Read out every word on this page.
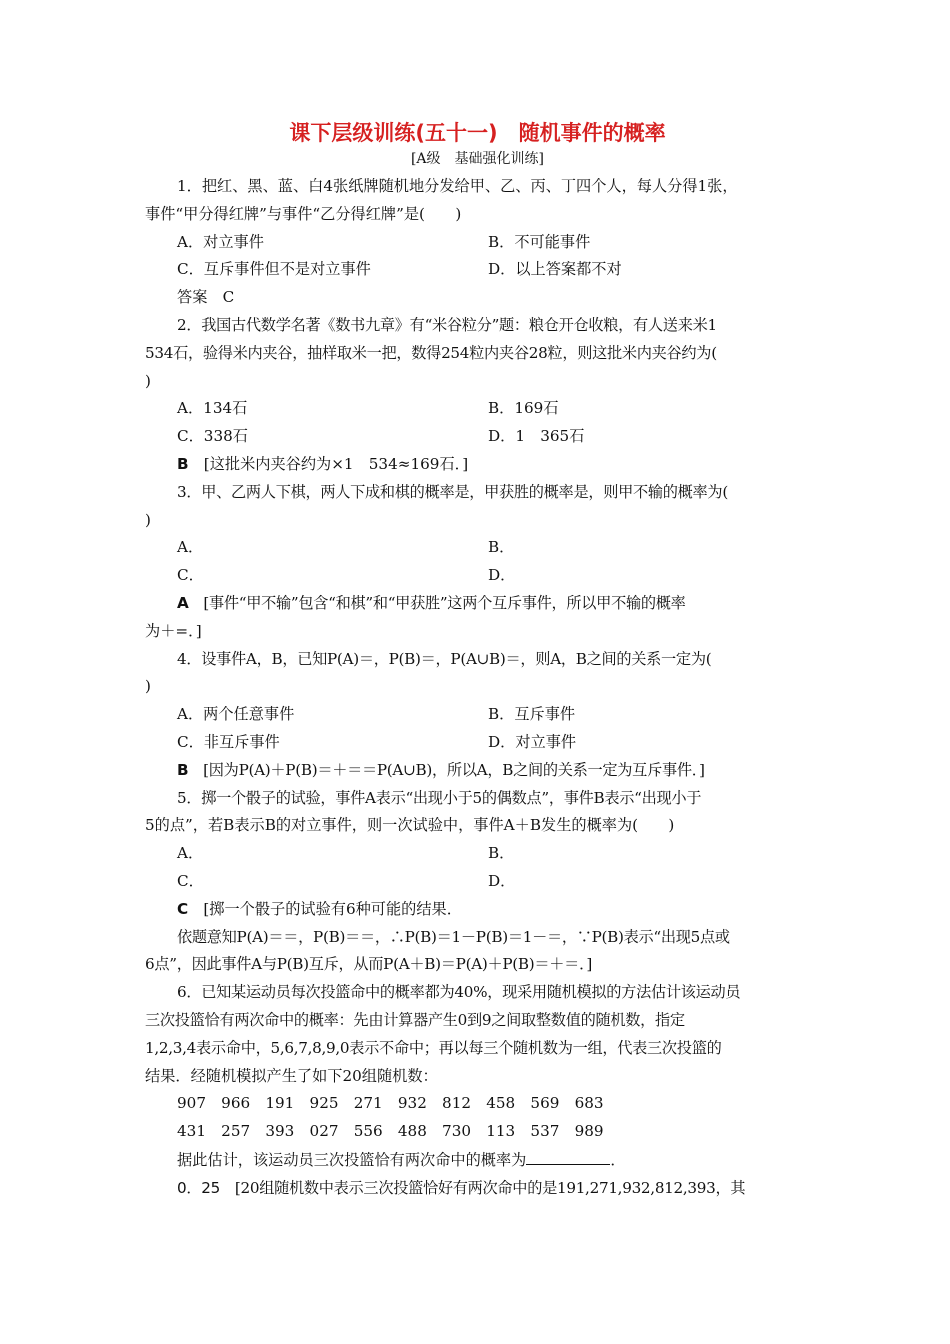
课下层级训练(五十一)　随机事件的概率
[A级　基础强化训练]

1．把红、黑、蓝、白4张纸牌随机地分发给甲、乙、丙、丁四个人，每人分得1张，

事件“甲分得红牌”与事件“乙分得红牌”是(　　)

A．对立事件	B．不可能事件
C．互斥事件但不是对立事件	D．以上答案都不对
答案　C

2．我国古代数学名著《数书九章》有“米谷粒分”题：粮仓开仓收粮，有人送来米1

534石，验得米内夹谷，抽样取米一把，数得254粒内夹谷28粒，则这批米内夹谷约为(

)

A．134石	B．169石
C．338石	D．1　365石
B　[这批米内夹谷约为×1　534≈169石．]

3．甲、乙两人下棋，两人下成和棋的概率是，甲获胜的概率是，则甲不输的概率为(

)

A．	B．
C．	D．
A　[事件“甲不输”包含“和棋”和“甲获胜”这两个互斥事件，所以甲不输的概率

为＋=．]

4．设事件A，B，已知P(A)＝，P(B)＝，P(A∪B)＝，则A，B之间的关系一定为(

)

A．两个任意事件	B．互斥事件
C．非互斥事件	D．对立事件
B　[因为P(A)＋P(B)＝＋＝＝P(A∪B)，所以A，B之间的关系一定为互斥事件．]

5．掷一个骰子的试验，事件A表示“出现小于5的偶数点”，事件B表示“出现小于

5的点”，若B表示B的对立事件，则一次试验中，事件A＋B发生的概率为(　　)

A．	B．
C．	D．
C　[掷一个骰子的试验有6种可能的结果．

依题意知P(A)＝＝，P(B)＝＝，∴P(B)＝1－P(B)＝1－＝，∵P(B)表示“出现5点或

6点”，因此事件A与P(B)互斥，从而P(A＋B)＝P(A)＋P(B)＝＋＝．]

6．已知某运动员每次投篮命中的概率都为40%，现采用随机模拟的方法估计该运动员

三次投篮恰有两次命中的概率：先由计算器产生0到9之间取整数值的随机数，指定

1,2,3,4表示命中，5,6,7,8,9,0表示不命中；再以每三个随机数为一组，代表三次投篮的

结果．经随机模拟产生了如下20组随机数：

907　966　191　925　271　932　812　458　569　683
431　257　393　027　556　488　730　113　537　989

据此估计，该运动员三次投篮恰有两次命中的概率为	．

0．25　[20组随机数中表示三次投篮恰好有两次命中的是191,271,932,812,393，其
